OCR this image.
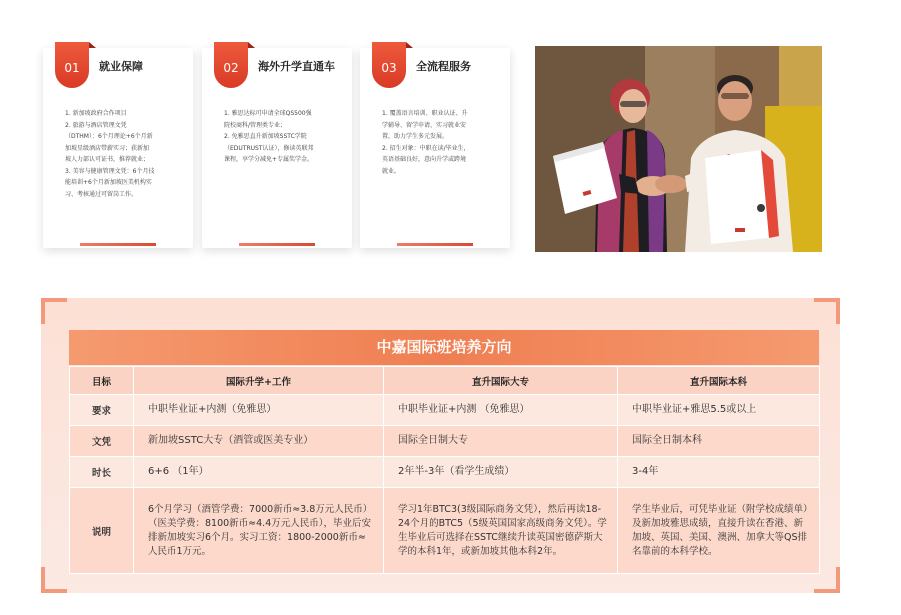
01	就业保障
1. 新加坡政府合作项目
2. 旅游与酒店管理文凭
（DTHM）：6个月理论+6个月新
加坡星级酒店带薪实习；获新加
坡人力部认可证书，推荐就业；
3. 美容与健康管理文凭：6个月技
能培训+6个月新加坡医美机构实
习、考核通过可留岗工作。
02	海外升学直通车
1. 雅思达标可申请全球QS500强
院校商科/管理类专业；
2. 免雅思直升新加坡SSTC学院
（EDUTRUST认证），修读英联邦
课程，享学分减免+专属奖学金。
03	全流程服务
1. 覆盖语言培训、职业认证、升
学辅导、留学申请、实习就业安
置，助力学生多元发展。
2. 招生对象：中职在读/毕业生，
英语基础良好，意向升学或跨境
就业。
中嘉国际班培养方向
目标	国际升学+工作	直升国际大专	直升国际本科
要求	中职毕业证+内测（免雅思）	中职毕业证+内测 （免雅思）	中职毕业证+雅思5.5或以上
文凭	新加坡SSTC大专（酒管或医美专业）	国际全日制大专	国际全日制本科
时长	6+6 （1年）	2年半-3年（看学生成绩）	3-4年
说明	6个月学习（酒管学费：7000新币≈3.8万元人民币）（医美学费：8100新币≈4.4万元人民币），毕业后安排新加坡实习6个月。实习工资：1800-2000新币≈人民币1万元。	学习1年BTC3(3级国际商务文凭），然后再读18-24个月的BTC5（5级英国国家高级商务文凭）。学生毕业后可选择在SSTC继续升读英国密德萨斯大学的本科1年，或新加坡其他本科2年。	学生毕业后，可凭毕业证（附学校成绩单）及新加坡雅思成绩，直接升读在香港、新加坡、英国、美国、澳洲、加拿大等QS排名靠前的本科学校。
